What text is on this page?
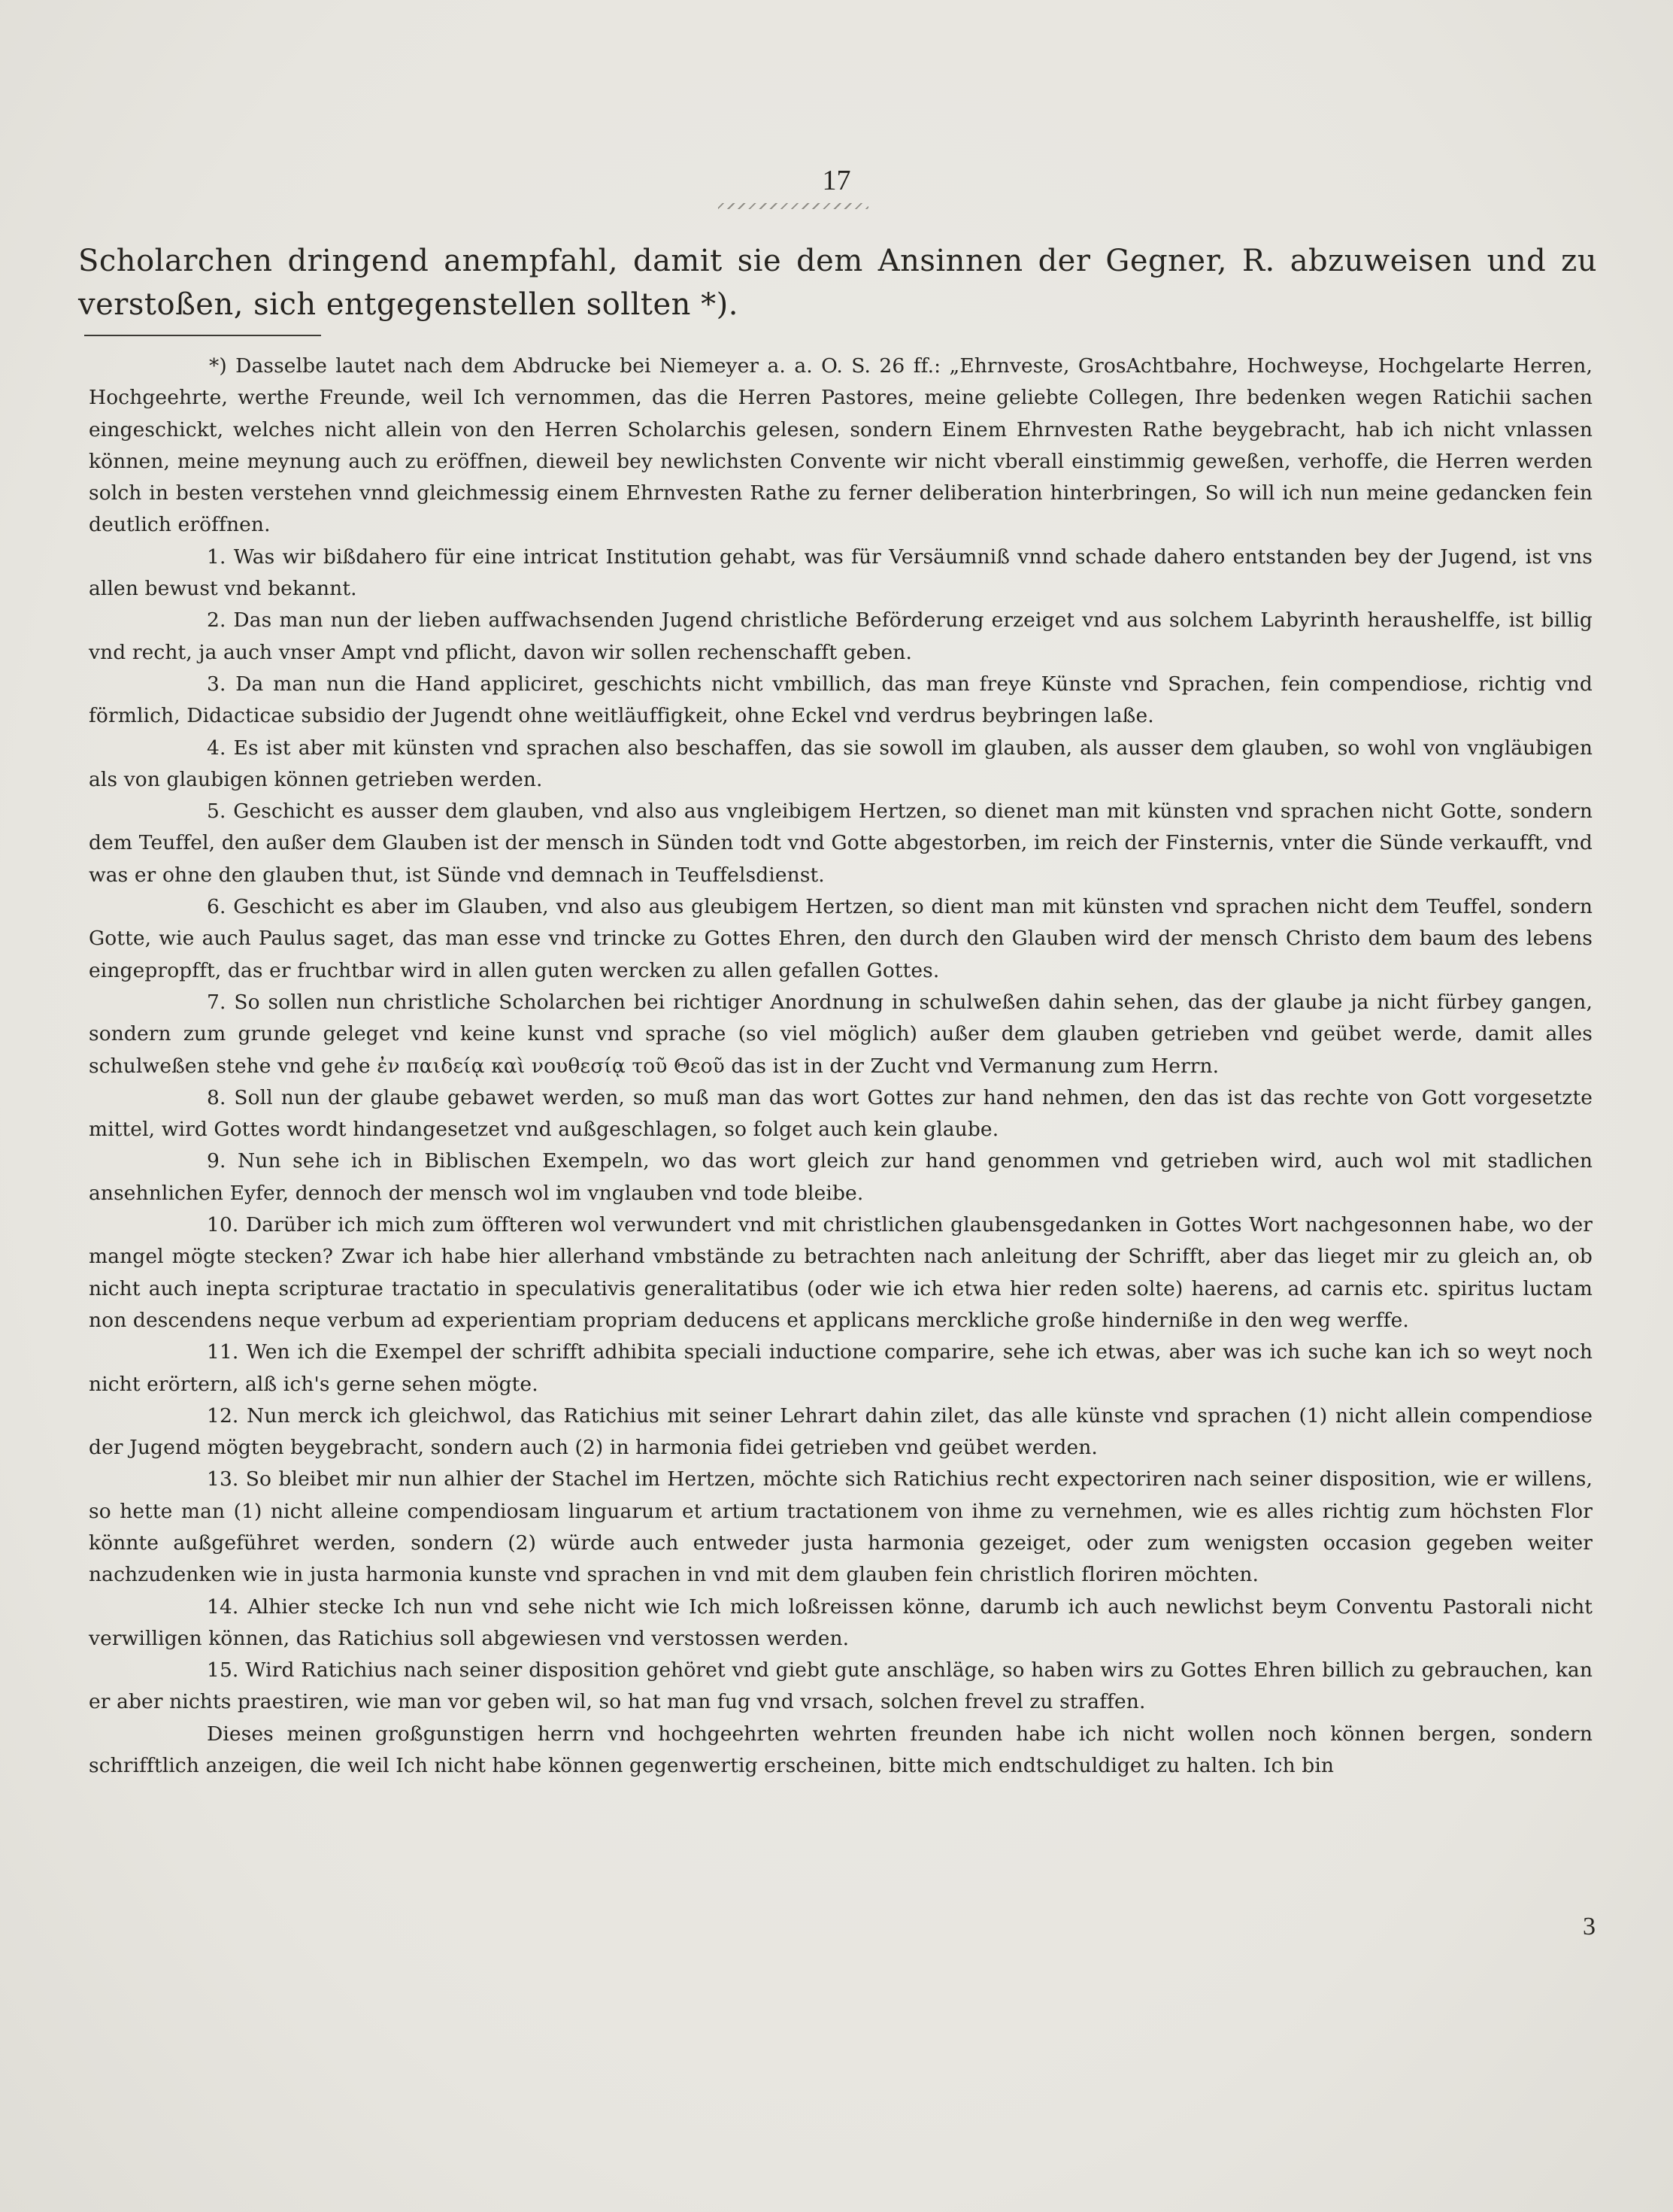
17

Scholarchen dringend anempfahl, damit sie dem Ansinnen der Gegner, R. abzuweisen und zu verstoßen, sich entgegenstellen sollten *).

*) Dasselbe lautet nach dem Abdrucke bei Niemeyer a. a. O. S. 26 ff.: „Ehrnveste, GrosAchtbahre, Hochweyse, Hochgelarte Herren, Hochgeehrte, werthe Freunde, weil Ich vernommen, das die Herren Pastores, meine geliebte Collegen, Ihre bedenken wegen Ratichii sachen eingeschickt, welches nicht allein von den Herren Scholarchis gelesen, sondern Einem Ehrnvesten Rathe beygebracht, hab ich nicht vnlassen können, meine meynung auch zu eröffnen, dieweil bey newlichsten Convente wir nicht vberall einstimmig geweßen, verhoffe, die Herren werden solch in besten verstehen vnnd gleichmessig einem Ehrnvesten Rathe zu ferner deliberation hinterbringen, So will ich nun meine gedancken fein deutlich eröffnen.

1. Was wir bißdahero für eine intricat Institution gehabt, was für Versäumniß vnnd schade dahero entstanden bey der Jugend, ist vns allen bewust vnd bekannt.

2. Das man nun der lieben auffwachsenden Jugend christliche Beförderung erzeiget vnd aus solchem Labyrinth heraushelffe, ist billig vnd recht, ja auch vnser Ampt vnd pflicht, davon wir sollen rechenschafft geben.

3. Da man nun die Hand appliciret, geschichts nicht vmbillich, das man freye Künste vnd Sprachen, fein compendiose, richtig vnd förmlich, Didacticae subsidio der Jugendt ohne weitläuffigkeit, ohne Eckel vnd verdrus beybringen laße.

4. Es ist aber mit künsten vnd sprachen also beschaffen, das sie sowoll im glauben, als ausser dem glauben, so wohl von vngläubigen als von glaubigen können getrieben werden.

5. Geschicht es ausser dem glauben, vnd also aus vngleibigem Hertzen, so dienet man mit künsten vnd sprachen nicht Gotte, sondern dem Teuffel, den außer dem Glauben ist der mensch in Sünden todt vnd Gotte abgestorben, im reich der Finsternis, vnter die Sünde verkaufft, vnd was er ohne den glauben thut, ist Sünde vnd demnach in Teuffelsdienst.

6. Geschicht es aber im Glauben, vnd also aus gleubigem Hertzen, so dient man mit künsten vnd sprachen nicht dem Teuffel, sondern Gotte, wie auch Paulus saget, das man esse vnd trincke zu Gottes Ehren, den durch den Glauben wird der mensch Christo dem baum des lebens eingepropfft, das er fruchtbar wird in allen guten wercken zu allen gefallen Gottes.

7. So sollen nun christliche Scholarchen bei richtiger Anordnung in schulweßen dahin sehen, das der glaube ja nicht fürbey gangen, sondern zum grunde geleget vnd keine kunst vnd sprache (so viel möglich) außer dem glauben getrieben vnd geübet werde, damit alles schulweßen stehe vnd gehe ἐν παιδείᾳ καὶ νουθεσίᾳ τοῦ Θεοῦ das ist in der Zucht vnd Vermanung zum Herrn.

8. Soll nun der glaube gebawet werden, so muß man das wort Gottes zur hand nehmen, den das ist das rechte von Gott vorgesetzte mittel, wird Gottes wordt hindangesetzet vnd außgeschlagen, so folget auch kein glaube.

9. Nun sehe ich in Biblischen Exempeln, wo das wort gleich zur hand genommen vnd getrieben wird, auch wol mit stadlichen ansehnlichen Eyfer, dennoch der mensch wol im vnglauben vnd tode bleibe.

10. Darüber ich mich zum öffteren wol verwundert vnd mit christlichen glaubensgedanken in Gottes Wort nachgesonnen habe, wo der mangel mögte stecken? Zwar ich habe hier allerhand vmbstände zu betrachten nach anleitung der Schrifft, aber das lieget mir zu gleich an, ob nicht auch inepta scripturae tractatio in speculativis generalitatibus (oder wie ich etwa hier reden solte) haerens, ad carnis etc. spiritus luctam non descendens neque verbum ad experientiam propriam deducens et applicans merckliche große hinderniße in den weg werffe.

11. Wen ich die Exempel der schrifft adhibita speciali inductione comparire, sehe ich etwas, aber was ich suche kan ich so weyt noch nicht erörtern, alß ich's gerne sehen mögte.

12. Nun merck ich gleichwol, das Ratichius mit seiner Lehrart dahin zilet, das alle künste vnd sprachen (1) nicht allein compendiose der Jugend mögten beygebracht, sondern auch (2) in harmonia fidei getrieben vnd geübet werden.

13. So bleibet mir nun alhier der Stachel im Hertzen, möchte sich Ratichius recht expectoriren nach seiner disposition, wie er willens, so hette man (1) nicht alleine compendiosam linguarum et artium tractationem von ihme zu vernehmen, wie es alles richtig zum höchsten Flor könnte außgeführet werden, sondern (2) würde auch entweder justa harmonia gezeiget, oder zum wenigsten occasion gegeben weiter nachzudenken wie in justa harmonia kunste vnd sprachen in vnd mit dem glauben fein christlich floriren möchten.

14. Alhier stecke Ich nun vnd sehe nicht wie Ich mich loßreissen könne, darumb ich auch newlichst beym Conventu Pastorali nicht verwilligen können, das Ratichius soll abgewiesen vnd verstossen werden.

15. Wird Ratichius nach seiner disposition gehöret vnd giebt gute anschläge, so haben wirs zu Gottes Ehren billich zu gebrauchen, kan er aber nichts praestiren, wie man vor geben wil, so hat man fug vnd vrsach, solchen frevel zu straffen.

Dieses meinen großgunstigen herrn vnd hochgeehrten wehrten freunden habe ich nicht wollen noch können bergen, sondern schrifftlich anzeigen, die weil Ich nicht habe können gegenwertig erscheinen, bitte mich endtschuldiget zu halten. Ich bin

3
